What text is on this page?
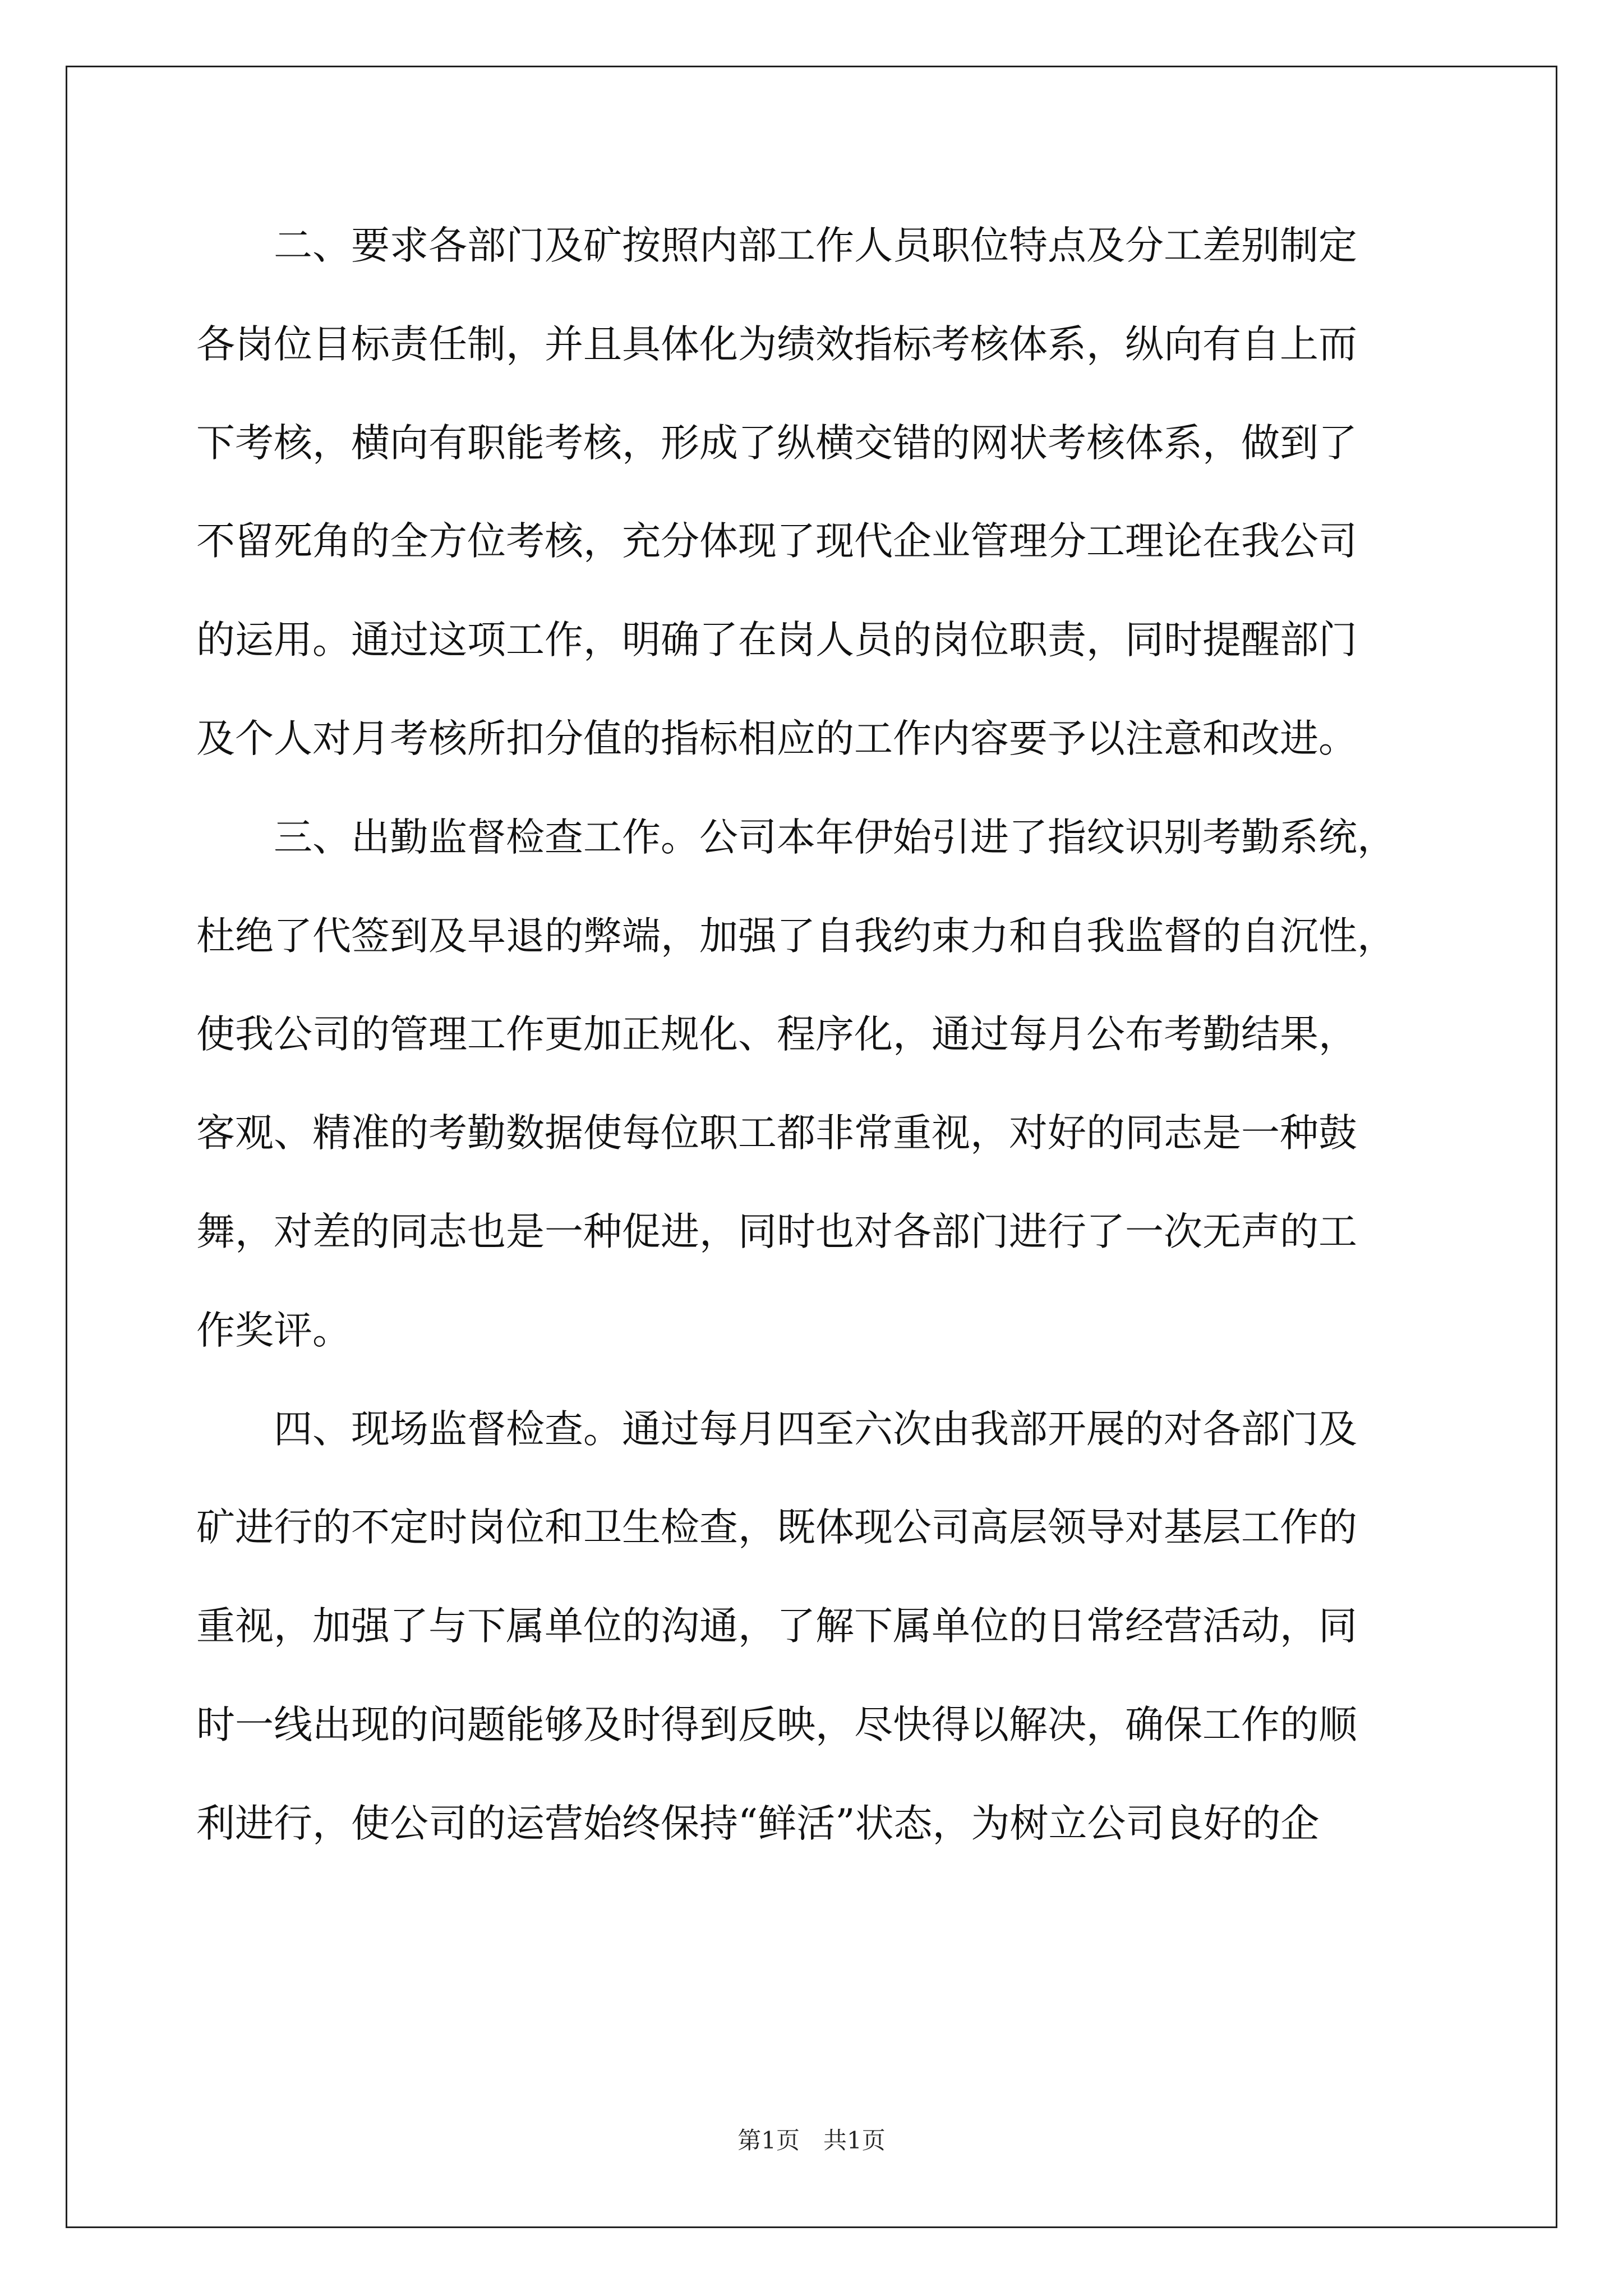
　　二、要求各部门及矿按照内部工作人员职位特点及分工差别制定
各岗位目标责任制，并且具体化为绩效指标考核体系，纵向有自上而
下考核，横向有职能考核，形成了纵横交错的网状考核体系，做到了
不留死角的全方位考核，充分体现了现代企业管理分工理论在我公司
的运用。通过这项工作，明确了在岗人员的岗位职责，同时提醒部门
及个人对月考核所扣分值的指标相应的工作内容要予以注意和改进。
　　三、出勤监督检查工作。公司本年伊始引进了指纹识别考勤系统，
杜绝了代签到及早退的弊端，加强了自我约束力和自我监督的自沉性，
使我公司的管理工作更加正规化、程序化，通过每月公布考勤结果，
客观、精准的考勤数据使每位职工都非常重视，对好的同志是一种鼓
舞，对差的同志也是一种促进，同时也对各部门进行了一次无声的工
作奖评。
　　四、现场监督检查。通过每月四至六次由我部开展的对各部门及
矿进行的不定时岗位和卫生检查，既体现公司高层领导对基层工作的
重视，加强了与下属单位的沟通，了解下属单位的日常经营活动，同
时一线出现的问题能够及时得到反映，尽快得以解决，确保工作的顺
利进行，使公司的运营始终保持“鲜活”状态，为树立公司良好的企
第1页　共1页
